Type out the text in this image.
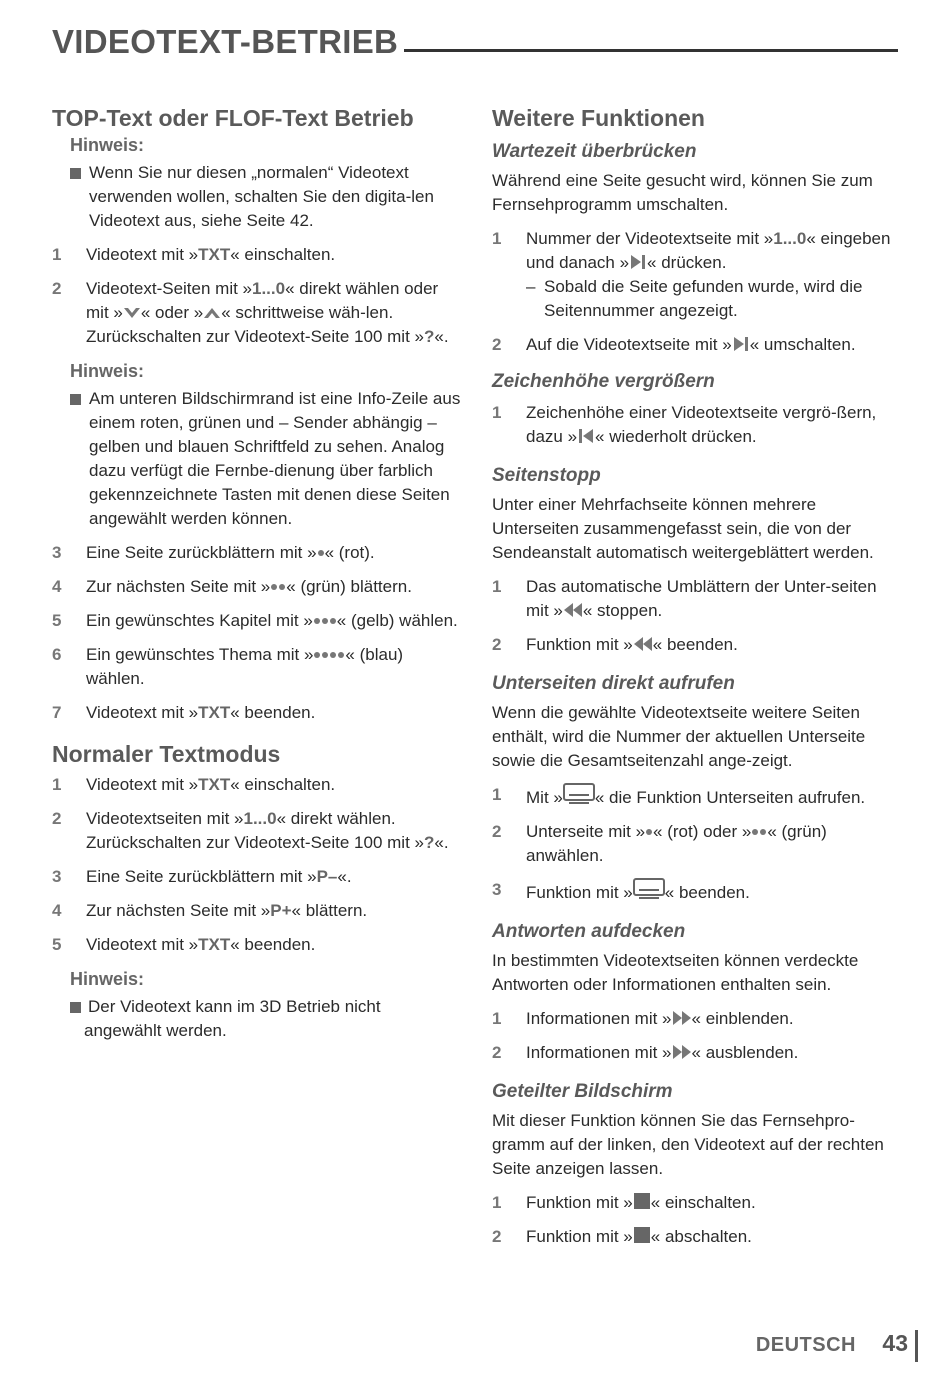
VIDEOTEXT-BETRIEB
TOP-Text oder FLOF-Text Betrieb
Hinweis:
Wenn Sie nur diesen „normalen“ Videotext verwenden wollen, schalten Sie den digita-len Videotext aus, siehe Seite 42.
1 Videotext mit »TXT« einschalten.
2 Videotext-Seiten mit »1...0« direkt wählen oder mit » « oder » « schrittweise wäh-len.
Zurückschalten zur Videotext-Seite 100 mit »?«.
Hinweis:
Am unteren Bildschirmrand ist eine Info-Zeile aus einem roten, grünen und – Sender abhängig – gelben und blauen Schriftfeld zu sehen. Analog dazu verfügt die Fernbe-dienung über farblich gekennzeichnete Tasten mit denen diese Seiten angewählt werden können.
3 Eine Seite zurückblättern mit » « (rot).
4 Zur nächsten Seite mit » « (grün) blättern.
5 Ein gewünschtes Kapitel mit » « (gelb) wählen.
6 Ein gewünschtes Thema mit » « (blau) wählen.
7 Videotext mit »TXT« beenden.
Normaler Textmodus
1 Videotext mit »TXT« einschalten.
2 Videotextseiten mit »1...0« direkt wählen.
Zurückschalten zur Videotext-Seite 100 mit »?«.
3 Eine Seite zurückblättern mit »P–«.
4 Zur nächsten Seite mit »P+« blättern.
5 Videotext mit »TXT« beenden.
Hinweis:
Der Videotext kann im 3D Betrieb nicht angewählt werden.
Weitere Funktionen
Wartezeit überbrücken
Während eine Seite gesucht wird, können Sie zum Fernsehprogramm umschalten.
1 Nummer der Videotextseite mit »1...0« eingeben und danach » « drücken.
– Sobald die Seite gefunden wurde, wird die Seitennummer angezeigt.
2 Auf die Videotextseite mit » « umschalten.
Zeichenhöhe vergrößern
1 Zeichenhöhe einer Videotextseite vergrö-ßern, dazu » « wiederholt drücken.
Seitenstopp
Unter einer Mehrfachseite können mehrere Unterseiten zusammengefasst sein, die von der Sendeanstalt automatisch weitergeblättert werden.
1 Das automatische Umblättern der Unter-seiten mit » « stoppen.
2 Funktion mit » « beenden.
Unterseiten direkt aufrufen
Wenn die gewählte Videotextseite weitere Seiten enthält, wird die Nummer der aktuellen Unterseite sowie die Gesamtseitenzahl ange-zeigt.
1 Mit » « die Funktion Unterseiten aufrufen.
2 Unterseite mit » « (rot) oder » « (grün) anwählen.
3 Funktion mit » « beenden.
Antworten aufdecken
In bestimmten Videotextseiten können verdeckte Antworten oder Informationen enthalten sein.
1 Informationen mit » « einblenden.
2 Informationen mit » « ausblenden.
Geteilter Bildschirm
Mit dieser Funktion können Sie das Fernsehpro-gramm auf der linken, den Videotext auf der rechten Seite anzeigen lassen.
1 Funktion mit » « einschalten.
2 Funktion mit » « abschalten.
DEUTSCH 43
